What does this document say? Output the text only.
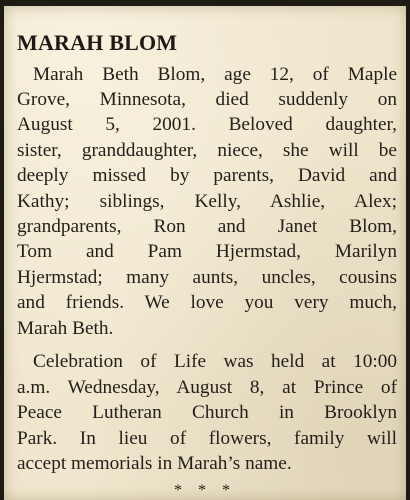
MARAH BLOM

Marah Beth Blom, age 12, of Maple

Grove, Minnesota, died suddenly on

August 5, 2001. Beloved daughter,

sister, granddaughter, niece, she will be

deeply missed by parents, David and

Kathy; siblings, Kelly, Ashlie, Alex;

grandparents, Ron and Janet Blom,

Tom and Pam Hjermstad, Marilyn

Hjermstad; many aunts, uncles, cousins

and friends. We love you very much,

Marah Beth.

Celebration of Life was held at 10:00

a.m. Wednesday, August 8, at Prince of

Peace Lutheran Church in Brooklyn

Park. In lieu of flowers, family will

accept memorials in Marah’s name.

* * *
